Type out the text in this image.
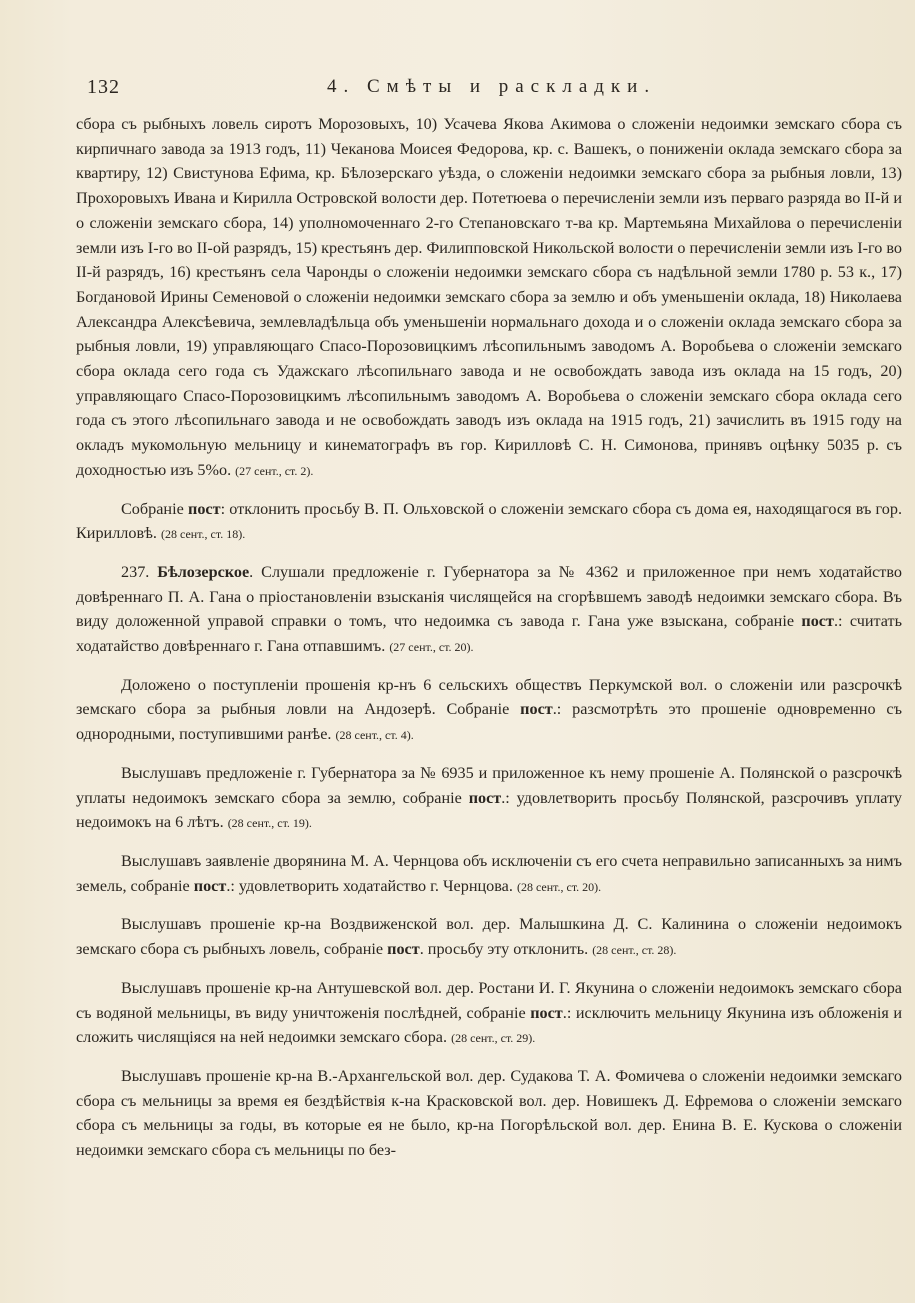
132	4. Смѣты и раскладки.

сбора съ рыбныхъ ловель сиротъ Морозовыхъ, 10) Усачева Якова Акимова о сложеніи недоимки земскаго сбора съ кирпичнаго завода за 1913 годъ, 11) Чеканова Моисея Федорова, кр. с. Вашекъ, о пониженіи оклада земскаго сбора за квартиру, 12) Свистунова Ефима, кр. Бѣлозерскаго уѣзда, о сложеніи недоимки земскаго сбора за рыбныя ловли, 13) Прохоровыхъ Ивана и Кирилла Островской волости дер. Потетюева о перечисленіи земли изъ перваго разряда во II-й и о сложеніи земскаго сбора, 14) уполномоченнаго 2-го Степановскаго т-ва кр. Мартемьяна Михайлова о перечисленіи земли изъ I-го во II-ой разрядъ, 15) крестьянъ дер. Филипповской Никольской волости о перечисленіи земли изъ I-го во II-й разрядъ, 16) крестьянъ села Чаронды о сложеніи недоимки земскаго сбора съ надѣльной земли 1780 р. 53 к., 17) Богдановой Ирины Семеновой о сложеніи недоимки земскаго сбора за землю и объ уменьшеніи оклада, 18) Николаева Александра Алексѣевича, землевладѣльца объ уменьшеніи нормальнаго дохода и о сложеніи оклада земскаго сбора за рыбныя ловли, 19) управляющаго Спасо-Порозовицкимъ лѣсопильнымъ заводомъ А. Воробьева о сложеніи земскаго сбора оклада сего года съ Удажскаго лѣсопильнаго завода и не освобождать завода изъ оклада на 15 годъ, 20) управляющаго Спасо-Порозовицкимъ лѣсопильнымъ заводомъ А. Воробьева о сложеніи земскаго сбора оклада сего года съ этого лѣсопильнаго завода и не освобождать заводъ изъ оклада на 1915 годъ, 21) зачислить въ 1915 году на окладъ мукомольную мельницу и кинематографъ въ гор. Кирилловѣ С. Н. Симонова, принявъ оцѣнку 5035 р. съ доходностью изъ 5%о. (27 сент., ст. 2).

Собраніе пост: отклонить просьбу В. П. Ольховской о сложеніи земскаго сбора съ дома ея, находящагося въ гор. Кирилловѣ. (28 сент., ст. 18).

237. Бѣлозерское. Слушали предложеніе г. Губернатора за № 4362 и приложенное при немъ ходатайство довѣреннаго П. А. Гана о пріостановленіи взысканія числящейся на сгорѣвшемъ заводѣ недоимки земскаго сбора. Въ виду доложенной управой справки о томъ, что недоимка съ завода г. Гана уже взыскана, собраніе пост.: считать ходатайство довѣреннаго г. Гана отпавшимъ. (27 сент., ст. 20).

Доложено о поступленіи прошенія кр-нъ 6 сельскихъ обществъ Перкумской вол. о сложеніи или разсрочкѣ земскаго сбора за рыбныя ловли на Андозерѣ. Собраніе пост.: разсмотрѣть это прошеніе одновременно съ однородными, поступившими ранѣе. (28 сент., ст. 4).

Выслушавъ предложеніе г. Губернатора за № 6935 и приложенное къ нему прошеніе А. Полянской о разсрочкѣ уплаты недоимокъ земскаго сбора за землю, собраніе пост.: удовлетворить просьбу Полянской, разсрочивъ уплату недоимокъ на 6 лѣтъ. (28 сент., ст. 19).

Выслушавъ заявленіе дворянина М. А. Чернцова объ исключеніи съ его счета неправильно записанныхъ за нимъ земель, собраніе пост.: удовлетворить ходатайство г. Чернцова. (28 сент., ст. 20).

Выслушавъ прошеніе кр-на Воздвиженской вол. дер. Малышкина Д. С. Калинина о сложеніи недоимокъ земскаго сбора съ рыбныхъ ловель, собраніе пост. просьбу эту отклонить. (28 сент., ст. 28).

Выслушавъ прошеніе кр-на Антушевской вол. дер. Ростани И. Г. Якунина о сложеніи недоимокъ земскаго сбора съ водяной мельницы, въ виду уничтоженія послѣдней, собраніе пост.: исключить мельницу Якунина изъ обложенія и сложить числящіяся на ней недоимки земскаго сбора. (28 сент., ст. 29).

Выслушавъ прошеніе кр-на В.-Архангельской вол. дер. Судакова Т. А. Фомичева о сложеніи недоимки земскаго сбора съ мельницы за время ея бездѣйствія к-на Красковской вол. дер. Новишекъ Д. Ефремова о сложеніи земскаго сбора съ мельницы за годы, въ которые ея не было, кр-на Погорѣльской вол. дер. Енина В. Е. Кускова о сложеніи недоимки земскаго сбора съ мельницы по без-
